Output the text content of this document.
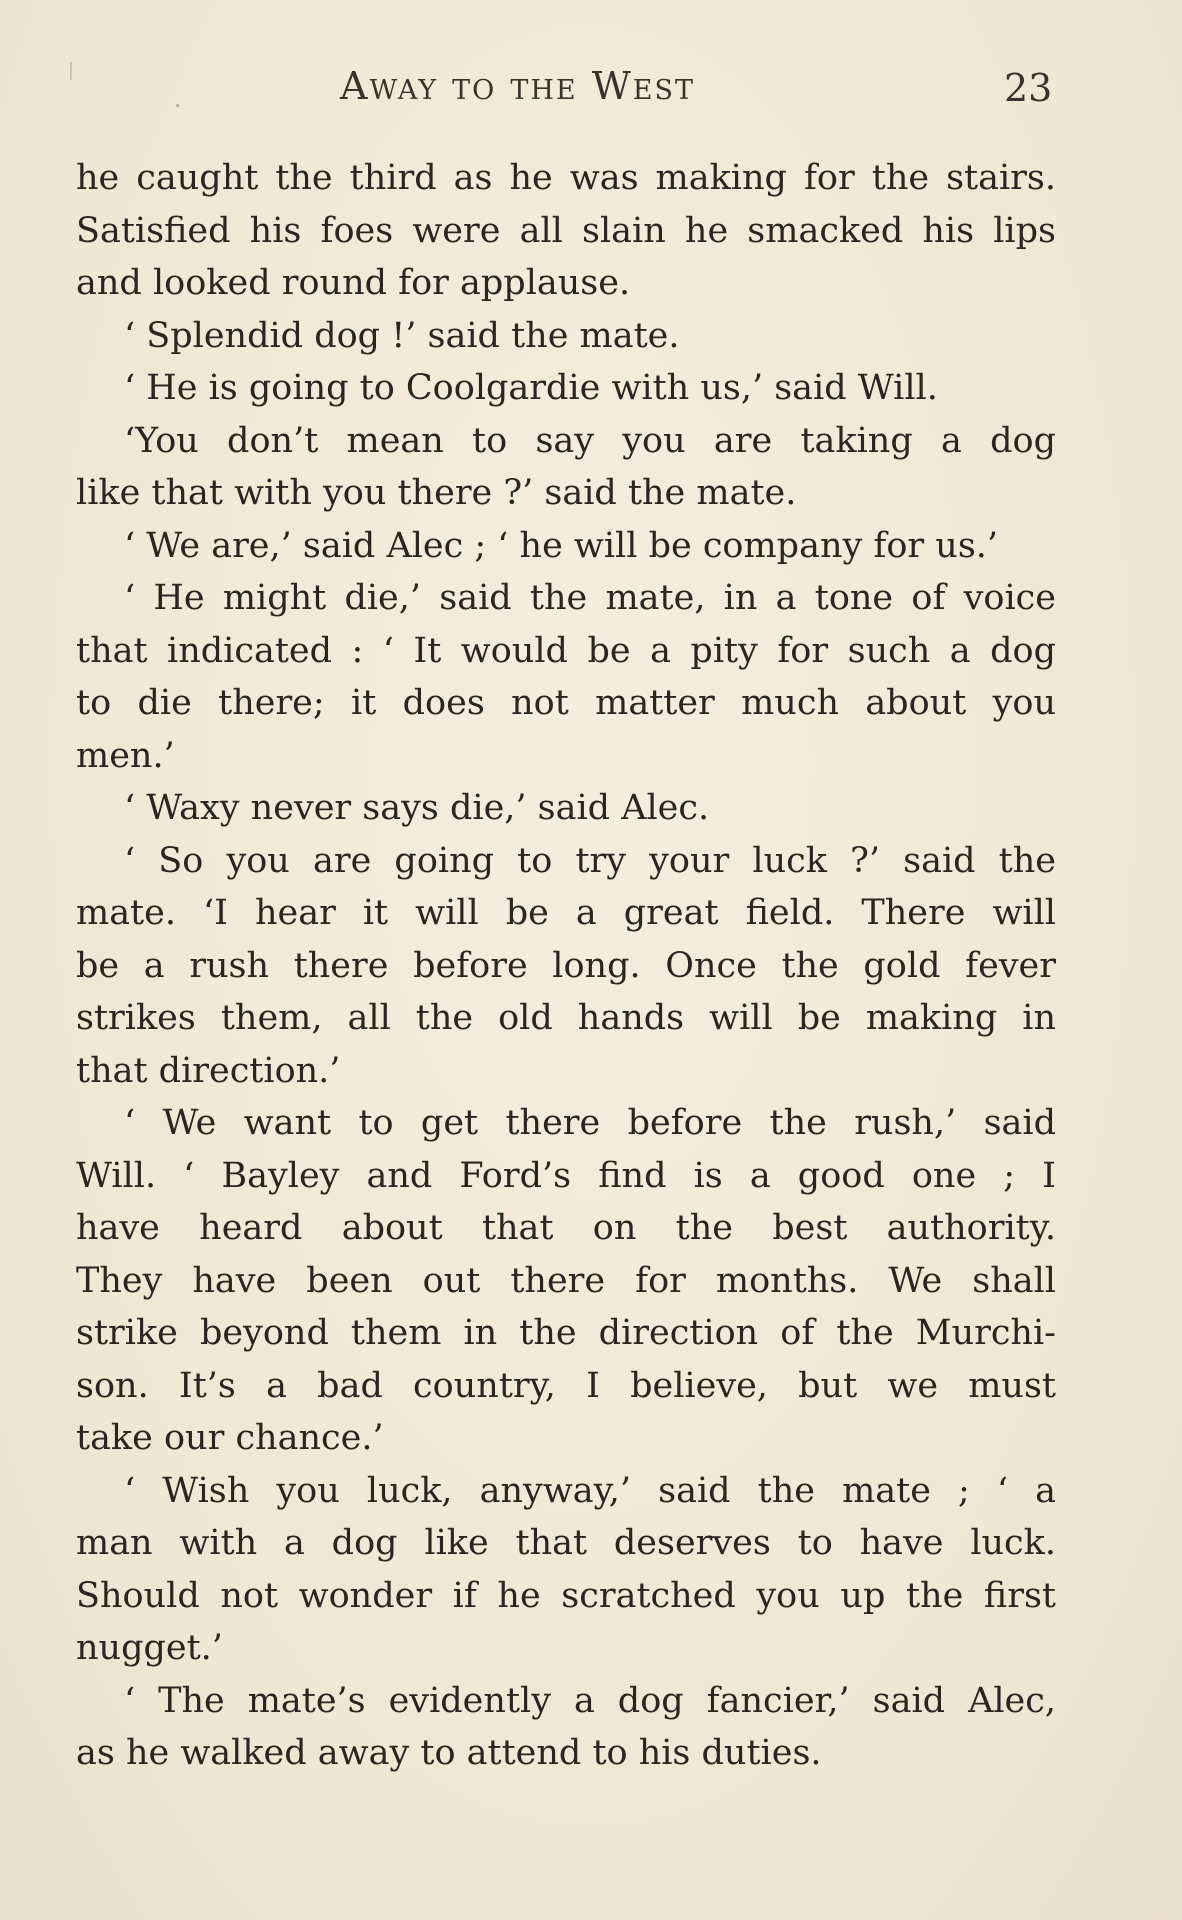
Away to the West	23
he caught the third as he was making for the stairs.
Satisfied his foes were all slain he smacked his lips
and looked round for applause.
‘ Splendid dog !’ said the mate.
‘ He is going to Coolgardie with us,’ said Will.
‘You don’t mean to say you are taking a dog
like that with you there ?’ said the mate.
‘ We are,’ said Alec ; ‘ he will be company for us.’
‘ He might die,’ said the mate, in a tone of voice
that indicated : ‘ It would be a pity for such a dog
to die there; it does not matter much about you
men.’
‘ Waxy never says die,’ said Alec.
‘ So you are going to try your luck ?’ said the
mate. ‘I hear it will be a great field. There will
be a rush there before long. Once the gold fever
strikes them, all the old hands will be making in
that direction.’
‘ We want to get there before the rush,’ said
Will. ‘ Bayley and Ford’s find is a good one ; I
have heard about that on the best authority.
They have been out there for months. We shall
strike beyond them in the direction of the Murchi-
son. It’s a bad country, I believe, but we must
take our chance.’
‘ Wish you luck, anyway,’ said the mate ; ‘ a
man with a dog like that deserves to have luck.
Should not wonder if he scratched you up the first
nugget.’
‘ The mate’s evidently a dog fancier,’ said Alec,
as he walked away to attend to his duties.
